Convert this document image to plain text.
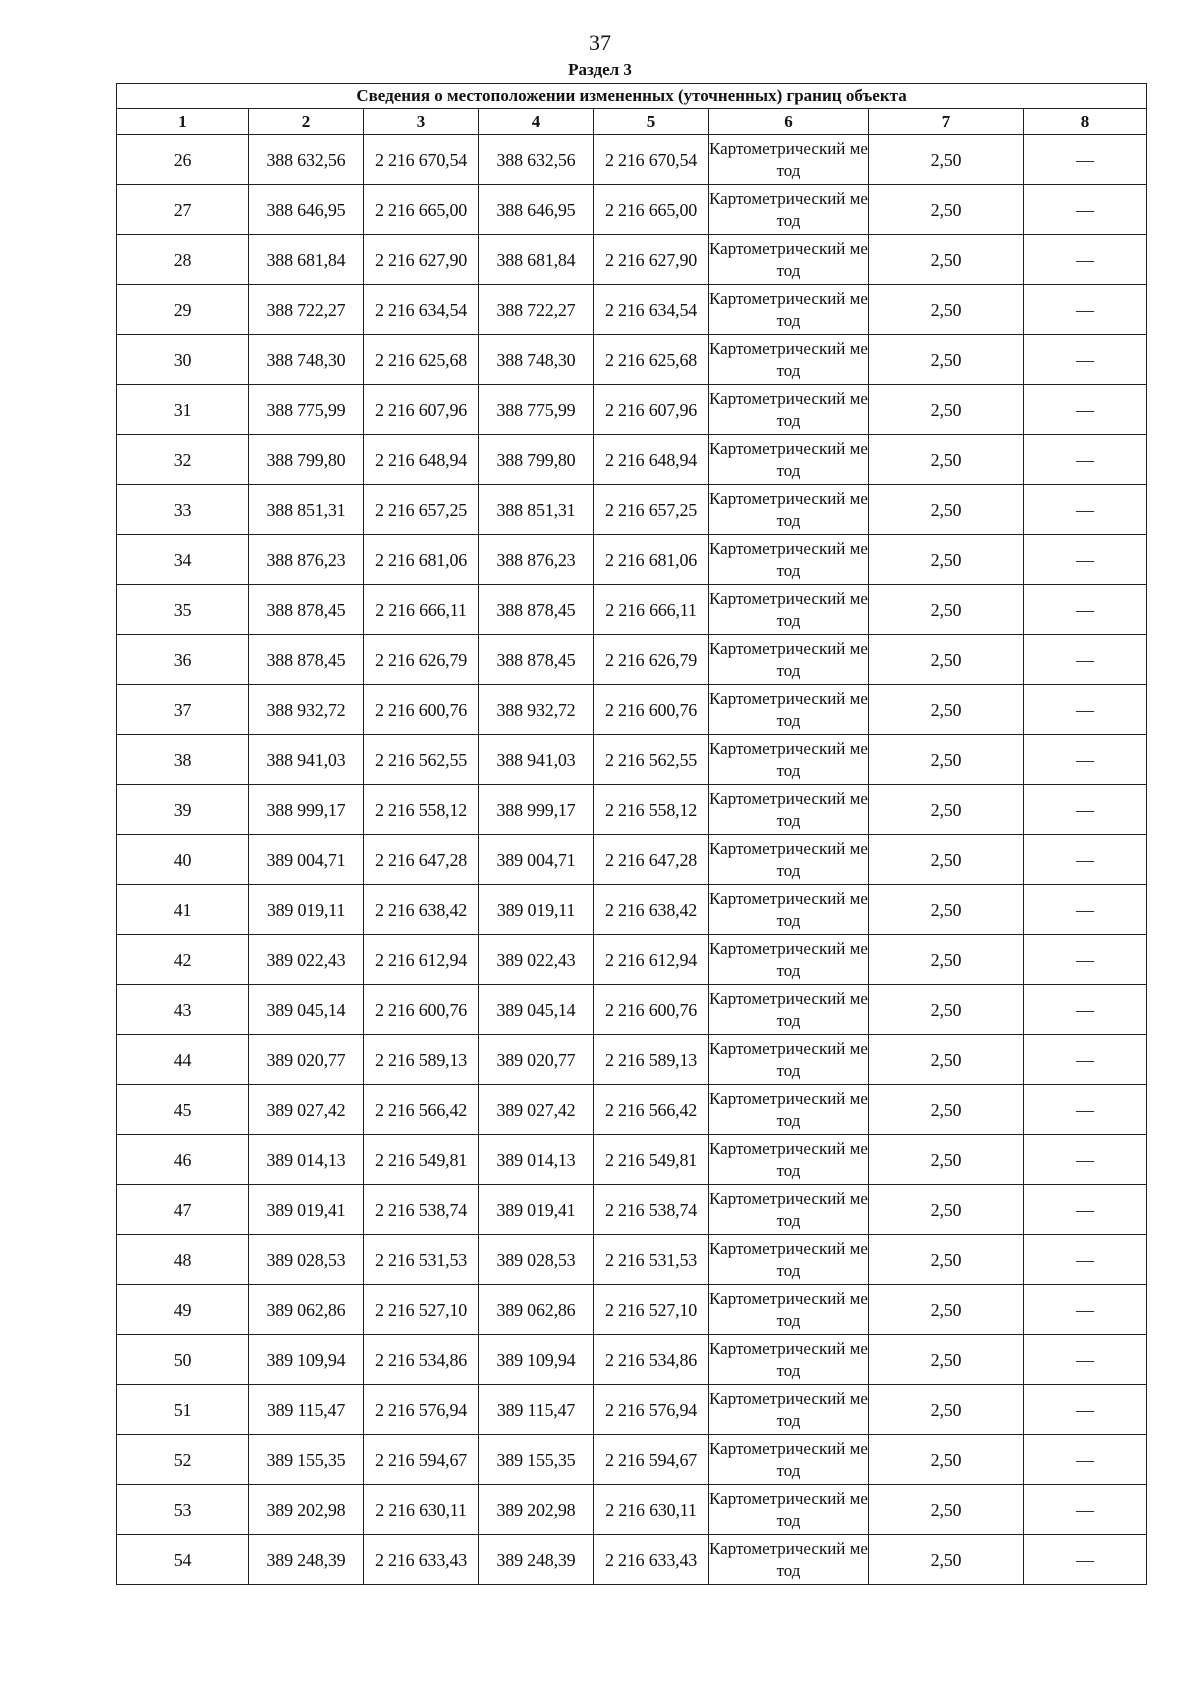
37
Раздел 3
Сведения о местоположении измененных (уточненных) границ объекта							
1	2	3	4	5	6	7	8
26	388 632,56	2 216 670,54	388 632,56	2 216 670,54	Картометрический метод	2,50	—
27	388 646,95	2 216 665,00	388 646,95	2 216 665,00	Картометрический метод	2,50	—
28	388 681,84	2 216 627,90	388 681,84	2 216 627,90	Картометрический метод	2,50	—
29	388 722,27	2 216 634,54	388 722,27	2 216 634,54	Картометрический метод	2,50	—
30	388 748,30	2 216 625,68	388 748,30	2 216 625,68	Картометрический метод	2,50	—
31	388 775,99	2 216 607,96	388 775,99	2 216 607,96	Картометрический метод	2,50	—
32	388 799,80	2 216 648,94	388 799,80	2 216 648,94	Картометрический метод	2,50	—
33	388 851,31	2 216 657,25	388 851,31	2 216 657,25	Картометрический метод	2,50	—
34	388 876,23	2 216 681,06	388 876,23	2 216 681,06	Картометрический метод	2,50	—
35	388 878,45	2 216 666,11	388 878,45	2 216 666,11	Картометрический метод	2,50	—
36	388 878,45	2 216 626,79	388 878,45	2 216 626,79	Картометрический метод	2,50	—
37	388 932,72	2 216 600,76	388 932,72	2 216 600,76	Картометрический метод	2,50	—
38	388 941,03	2 216 562,55	388 941,03	2 216 562,55	Картометрический метод	2,50	—
39	388 999,17	2 216 558,12	388 999,17	2 216 558,12	Картометрический метод	2,50	—
40	389 004,71	2 216 647,28	389 004,71	2 216 647,28	Картометрический метод	2,50	—
41	389 019,11	2 216 638,42	389 019,11	2 216 638,42	Картометрический метод	2,50	—
42	389 022,43	2 216 612,94	389 022,43	2 216 612,94	Картометрический метод	2,50	—
43	389 045,14	2 216 600,76	389 045,14	2 216 600,76	Картометрический метод	2,50	—
44	389 020,77	2 216 589,13	389 020,77	2 216 589,13	Картометрический метод	2,50	—
45	389 027,42	2 216 566,42	389 027,42	2 216 566,42	Картометрический метод	2,50	—
46	389 014,13	2 216 549,81	389 014,13	2 216 549,81	Картометрический метод	2,50	—
47	389 019,41	2 216 538,74	389 019,41	2 216 538,74	Картометрический метод	2,50	—
48	389 028,53	2 216 531,53	389 028,53	2 216 531,53	Картометрический метод	2,50	—
49	389 062,86	2 216 527,10	389 062,86	2 216 527,10	Картометрический метод	2,50	—
50	389 109,94	2 216 534,86	389 109,94	2 216 534,86	Картометрический метод	2,50	—
51	389 115,47	2 216 576,94	389 115,47	2 216 576,94	Картометрический метод	2,50	—
52	389 155,35	2 216 594,67	389 155,35	2 216 594,67	Картометрический метод	2,50	—
53	389 202,98	2 216 630,11	389 202,98	2 216 630,11	Картометрический метод	2,50	—
54	389 248,39	2 216 633,43	389 248,39	2 216 633,43	Картометрический метод	2,50	—
